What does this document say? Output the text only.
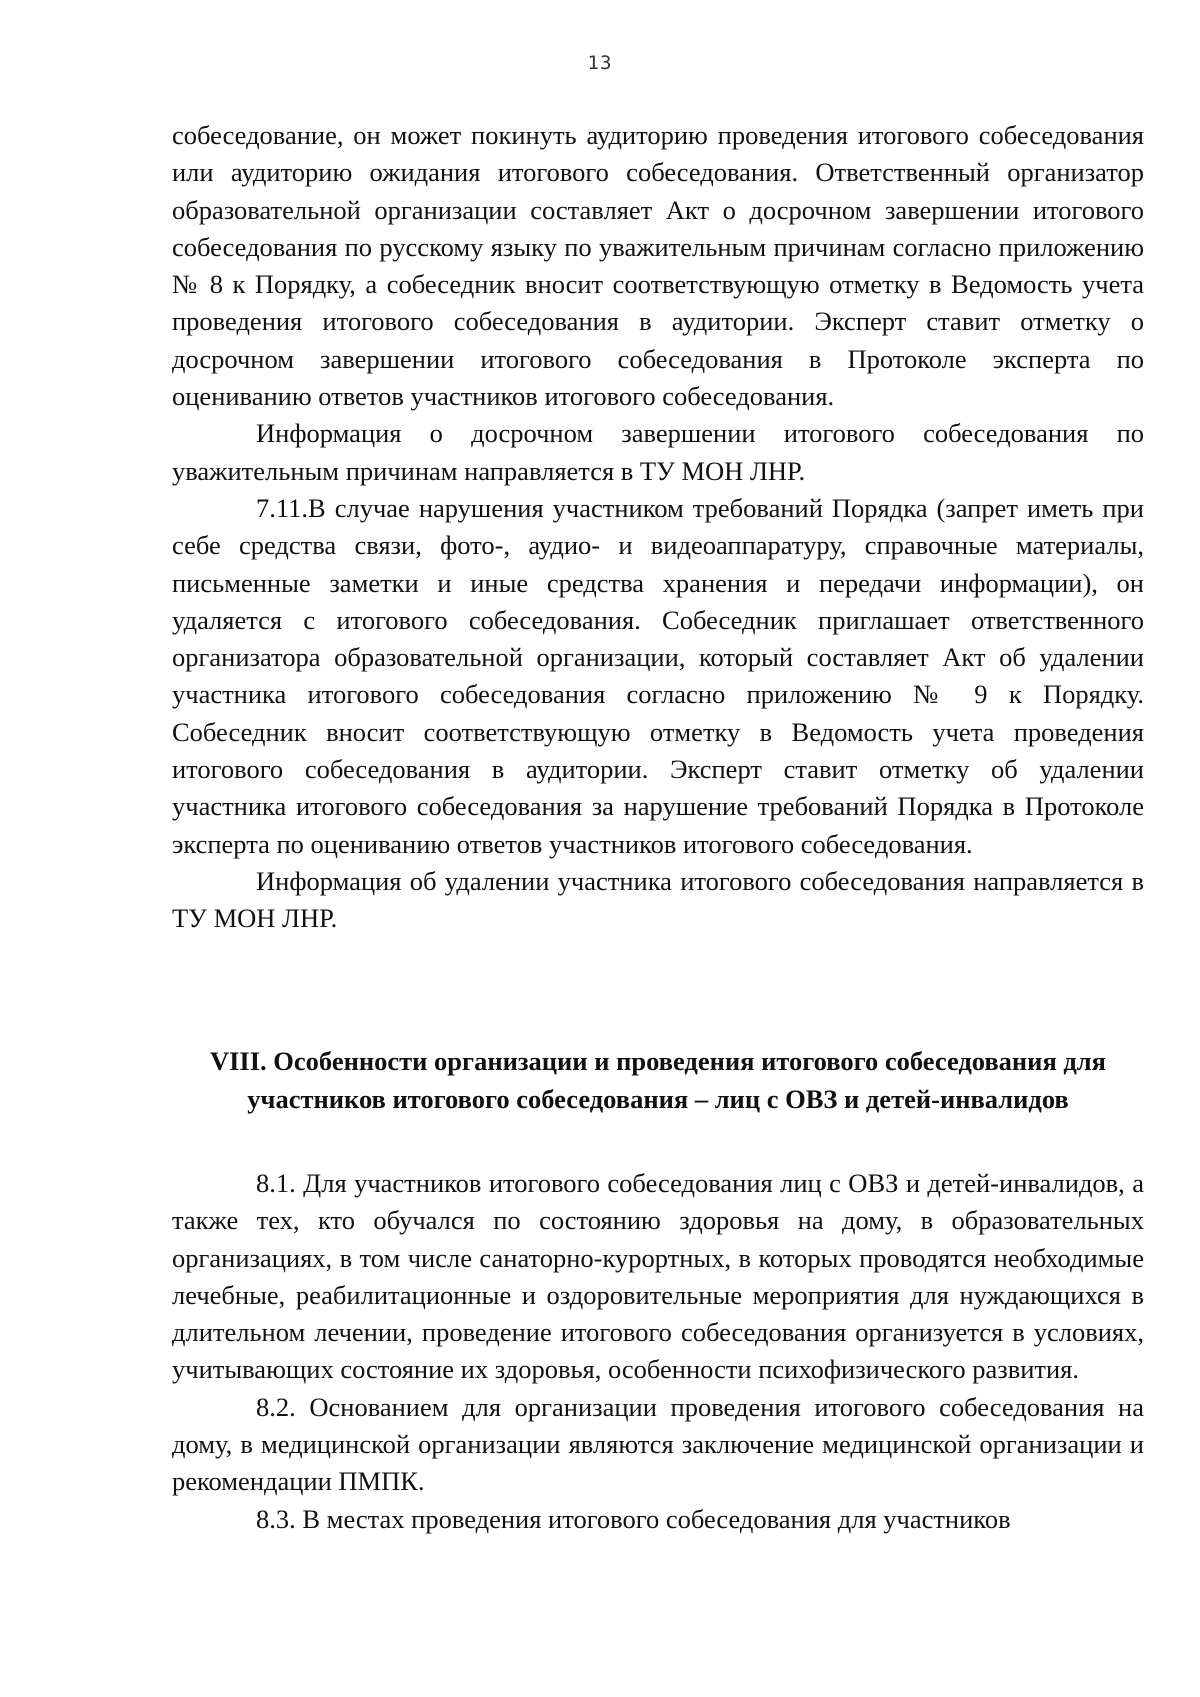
13

собеседование, он может покинуть аудиторию проведения итогового собеседования или аудиторию ожидания итогового собеседования. Ответственный организатор образовательной организации составляет Акт о досрочном завершении итогового собеседования по русскому языку по уважительным причинам согласно приложению № 8 к Порядку, а собеседник вносит соответствующую отметку в Ведомость учета проведения итогового собеседования в аудитории. Эксперт ставит отметку о досрочном завершении итогового собеседования в Протоколе эксперта по оцениванию ответов участников итогового собеседования.

Информация о досрочном завершении итогового собеседования по уважительным причинам направляется в ТУ МОН ЛНР.

7.11.В случае нарушения участником требований Порядка (запрет иметь при себе средства связи, фото-, аудио- и видеоаппаратуру, справочные материалы, письменные заметки и иные средства хранения и передачи информации), он удаляется с итогового собеседования. Собеседник приглашает ответственного организатора образовательной организации, который составляет Акт об удалении участника итогового собеседования согласно приложению № 9 к Порядку. Собеседник вносит соответствующую отметку в Ведомость учета проведения итогового собеседования в аудитории. Эксперт ставит отметку об удалении участника итогового собеседования за нарушение требований Порядка в Протоколе эксперта по оцениванию ответов участников итогового собеседования.

Информация об удалении участника итогового собеседования направляется в ТУ МОН ЛНР.

VIII. Особенности организации и проведения итогового собеседования для
участников итогового собеседования – лиц с ОВЗ и детей-инвалидов

8.1. Для участников итогового собеседования лиц с ОВЗ и детей-инвалидов, а также тех, кто обучался по состоянию здоровья на дому, в образовательных организациях, в том числе санаторно-курортных, в которых проводятся необходимые лечебные, реабилитационные и оздоровительные мероприятия для нуждающихся в длительном лечении, проведение итогового собеседования организуется в условиях, учитывающих состояние их здоровья, особенности психофизического развития.

8.2. Основанием для организации проведения итогового собеседования на дому, в медицинской организации являются заключение медицинской организации и рекомендации ПМПК.

8.3. В местах проведения итогового собеседования для участников
